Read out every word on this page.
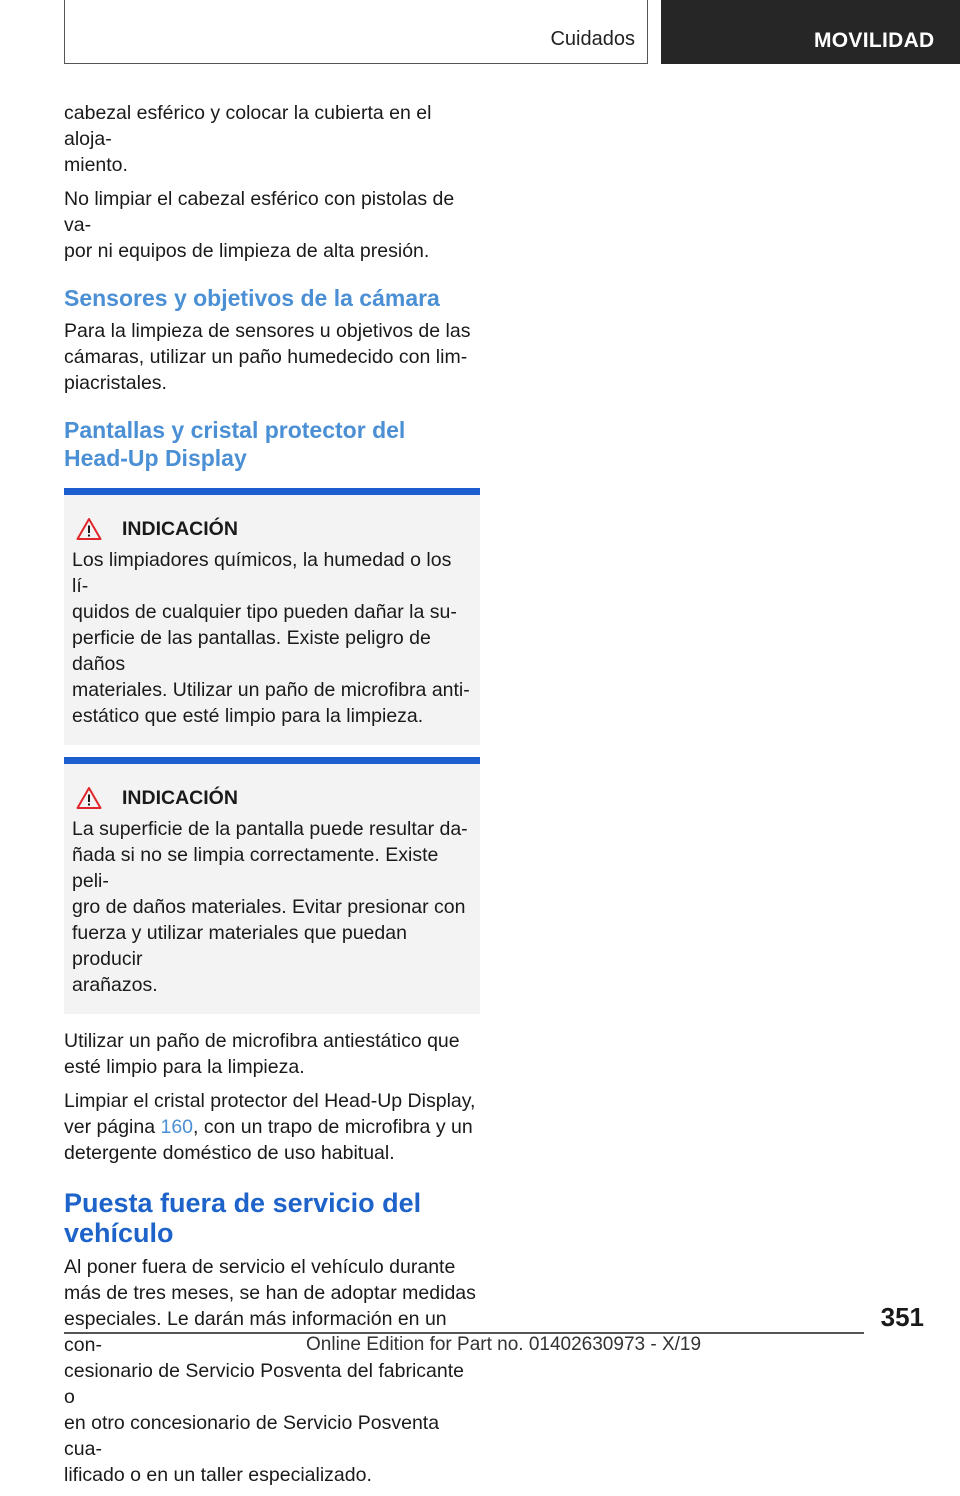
Cuidados	MOVILIDAD

cabezal esférico y colocar la cubierta en el aloja-
miento.

No limpiar el cabezal esférico con pistolas de va-
por ni equipos de limpieza de alta presión.

Sensores y objetivos de la cámara

Para la limpieza de sensores u objetivos de las
cámaras, utilizar un paño humedecido con lim-
piacristales.

Pantallas y cristal protector del
Head-Up Display
INDICACIÓN

Los limpiadores químicos, la humedad o los lí-
quidos de cualquier tipo pueden dañar la su-
perficie de las pantallas. Existe peligro de daños
materiales. Utilizar un paño de microfibra anti-
estático que esté limpio para la limpieza.

INDICACIÓN

La superficie de la pantalla puede resultar da-
ñada si no se limpia correctamente. Existe peli-
gro de daños materiales. Evitar presionar con
fuerza y utilizar materiales que puedan producir
arañazos.

Utilizar un paño de microfibra antiestático que
esté limpio para la limpieza.

Limpiar el cristal protector del Head-Up Display,
ver página 160, con un trapo de microfibra y un
detergente doméstico de uso habitual.

Puesta fuera de servicio del
vehículo

Al poner fuera de servicio el vehículo durante
más de tres meses, se han de adoptar medidas
especiales. Le darán más información en un con-
cesionario de Servicio Posventa del fabricante o
en otro concesionario de Servicio Posventa cua-
lificado o en un taller especializado.

351
Online Edition for Part no. 01402630973 - X/19
